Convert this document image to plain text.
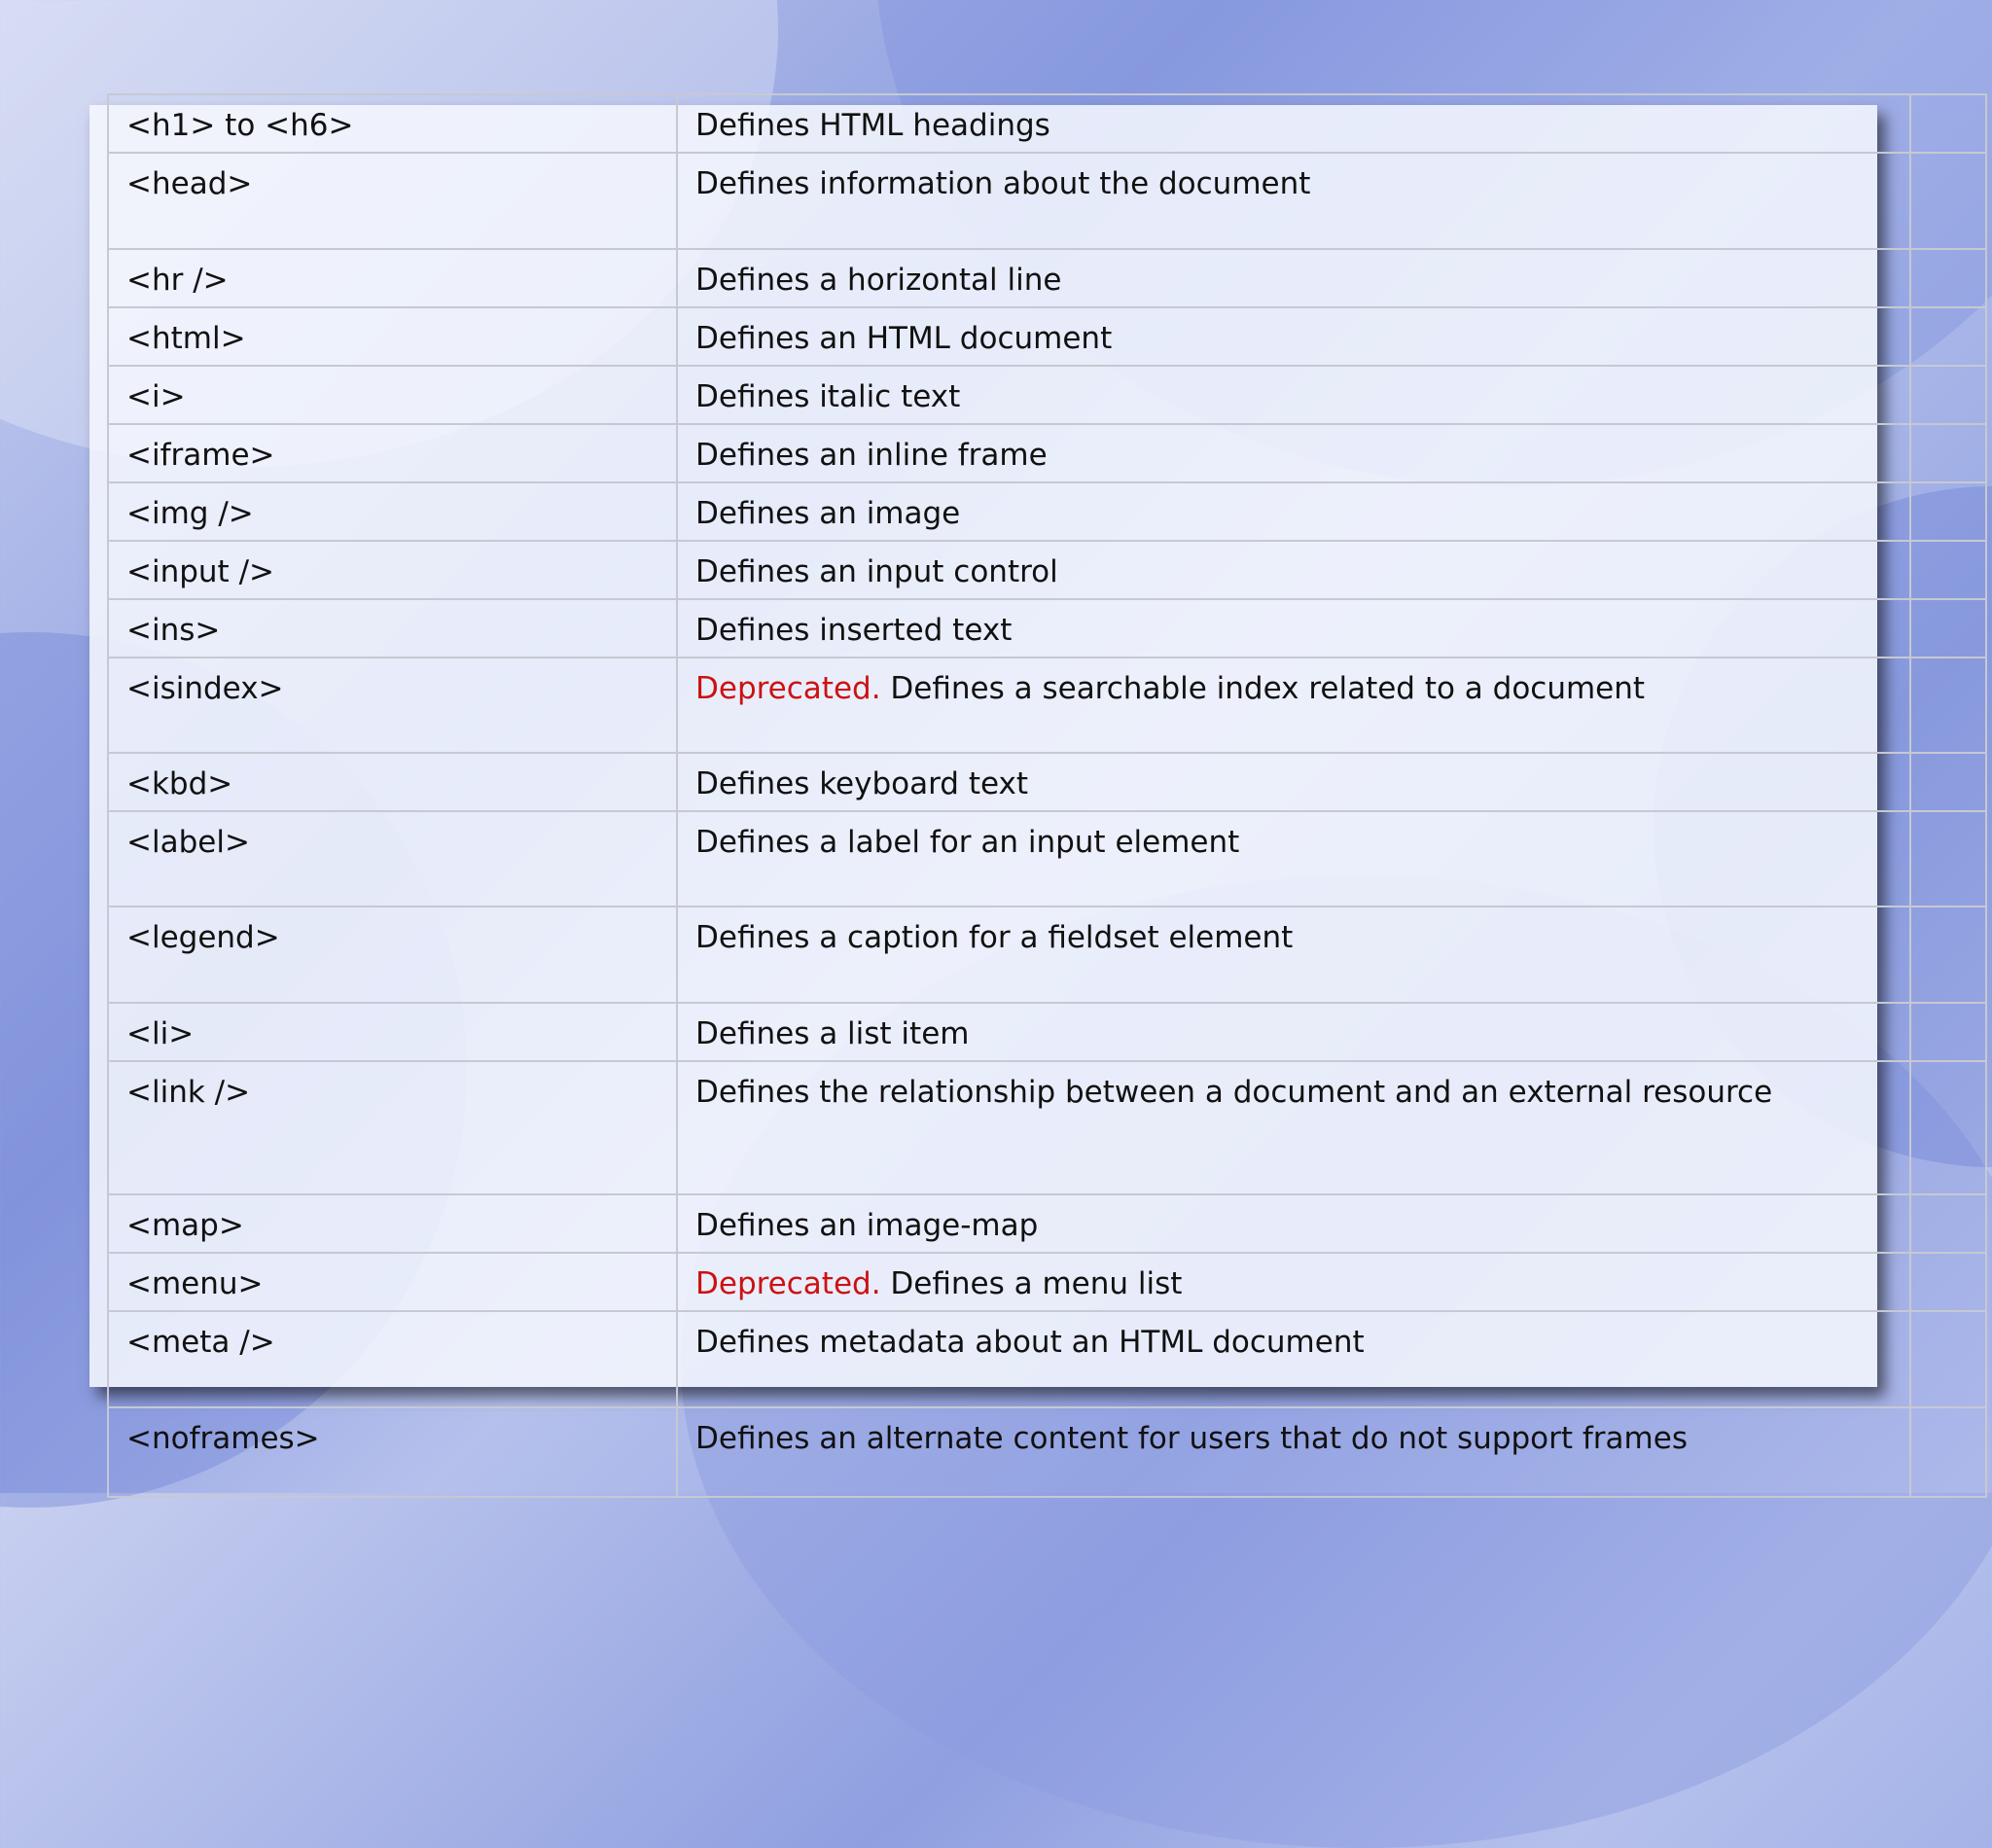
<h1> to <h6>	Defines HTML headings	
<head>	Defines information about the document	
<hr />	Defines a horizontal line	
<html>	Defines an HTML document	
<i>	Defines italic text	
<iframe>	Defines an inline frame	
<img />	Defines an image	
<input />	Defines an input control	
<ins>	Defines inserted text	
<isindex>	Deprecated. Defines a searchable index related to a document	
<kbd>	Defines keyboard text	
<label>	Defines a label for an input element	
<legend>	Defines a caption for a fieldset element	
<li>	Defines a list item	
<link />	Defines the relationship between a document and an external resource	
<map>	Defines an image-map	
<menu>	Deprecated. Defines a menu list	
<meta />	Defines metadata about an HTML document	
<noframes>	Defines an alternate content for users that do not support frames	
